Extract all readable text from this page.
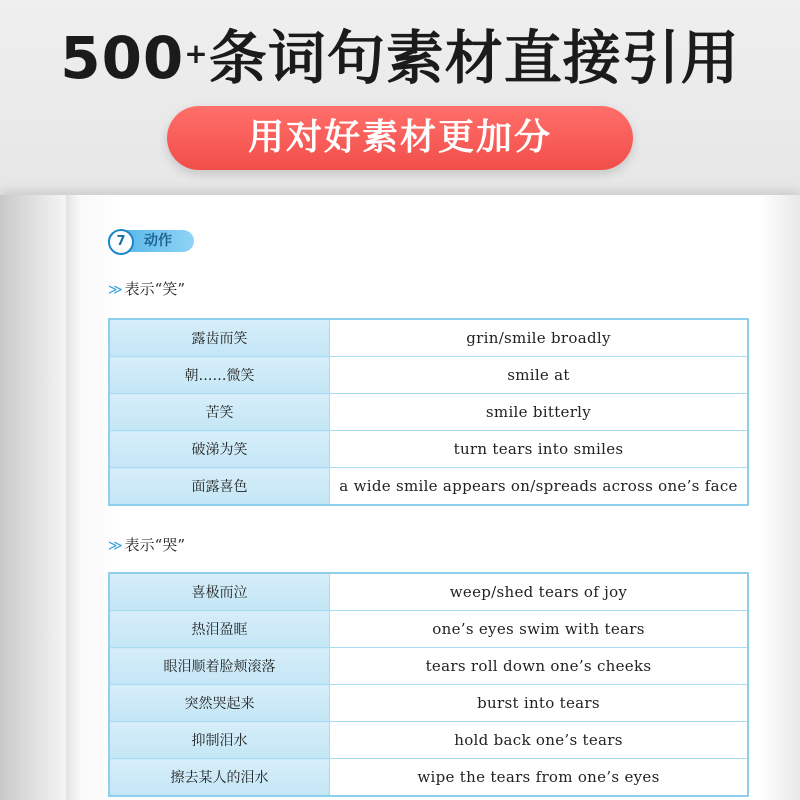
500+条词句素材直接引用
用对好素材更加分
7	动作
≫ 表示“笑”
露齿而笑	grin/smile broadly
朝……微笑	smile at
苦笑	smile bitterly
破涕为笑	turn tears into smiles
面露喜色	a wide smile appears on/spreads across one’s face
≫ 表示“哭”
喜极而泣	weep/shed tears of joy
热泪盈眶	one’s eyes swim with tears
眼泪顺着脸颊滚落	tears roll down one’s cheeks
突然哭起来	burst into tears
抑制泪水	hold back one’s tears
擦去某人的泪水	wipe the tears from one’s eyes
